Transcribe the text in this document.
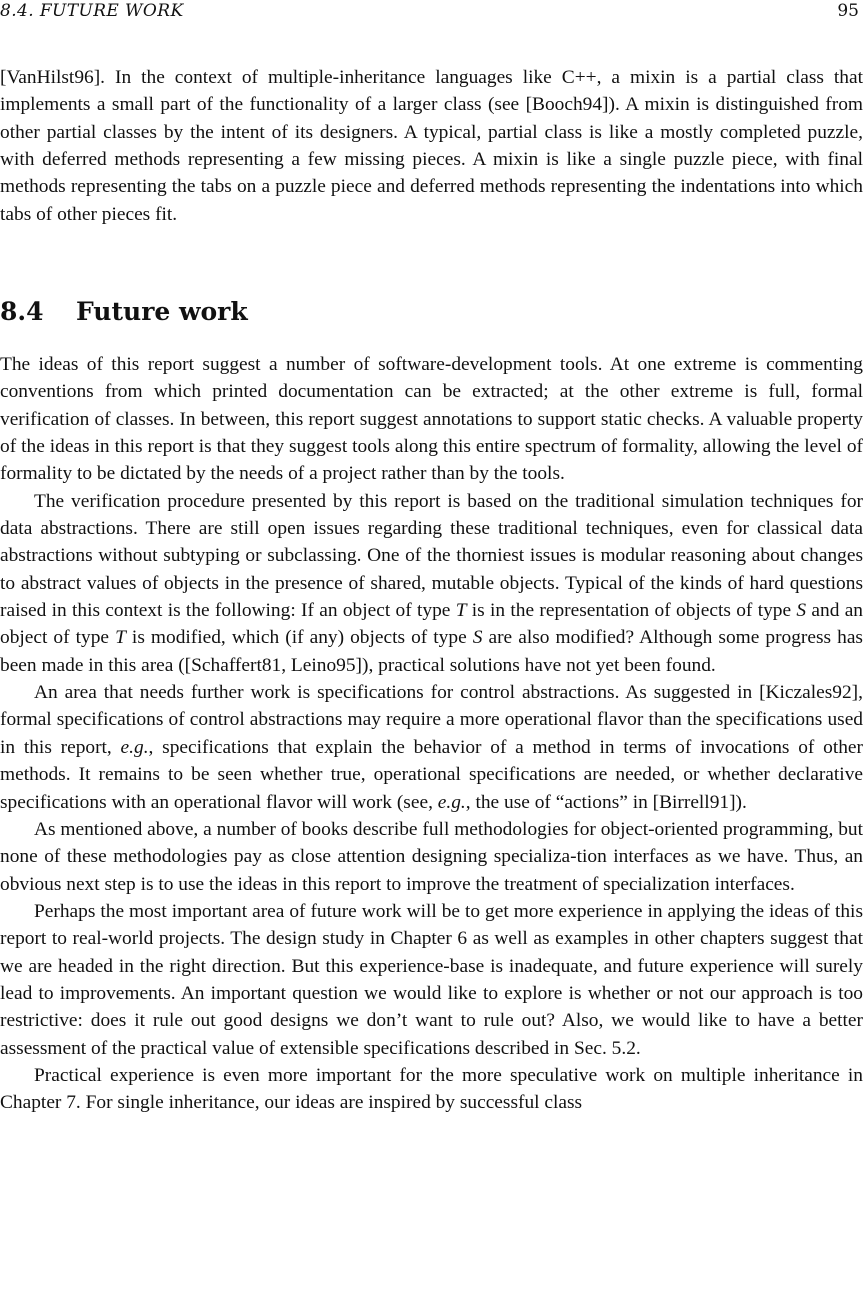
8.4. FUTURE WORK	95

[VanHilst96]. In the context of multiple-inheritance languages like C++, a mixin is a partial class that implements a small part of the functionality of a larger class (see [Booch94]). A mixin is distinguished from other partial classes by the intent of its designers. A typical, partial class is like a mostly completed puzzle, with deferred methods representing a few missing pieces. A mixin is like a single puzzle piece, with final methods representing the tabs on a puzzle piece and deferred methods representing the indentations into which tabs of other pieces fit.

8.4 Future work

The ideas of this report suggest a number of software-development tools. At one extreme is commenting conventions from which printed documentation can be extracted; at the other extreme is full, formal verification of classes. In between, this report suggest annotations to support static checks. A valuable property of the ideas in this report is that they suggest tools along this entire spectrum of formality, allowing the level of formality to be dictated by the needs of a project rather than by the tools.

The verification procedure presented by this report is based on the traditional simulation techniques for data abstractions. There are still open issues regarding these traditional techniques, even for classical data abstractions without subtyping or subclassing. One of the thorniest issues is modular reasoning about changes to abstract values of objects in the presence of shared, mutable objects. Typical of the kinds of hard questions raised in this context is the following: If an object of type T is in the representation of objects of type S and an object of type T is modified, which (if any) objects of type S are also modified? Although some progress has been made in this area ([Schaffert81, Leino95]), practical solutions have not yet been found.

An area that needs further work is specifications for control abstractions. As suggested in [Kiczales92], formal specifications of control abstractions may require a more operational flavor than the specifications used in this report, e.g., specifications that explain the behavior of a method in terms of invocations of other methods. It remains to be seen whether true, operational specifications are needed, or whether declarative specifications with an operational flavor will work (see, e.g., the use of “actions” in [Birrell91]).

As mentioned above, a number of books describe full methodologies for object-oriented programming, but none of these methodologies pay as close attention designing specializa-tion interfaces as we have. Thus, an obvious next step is to use the ideas in this report to improve the treatment of specialization interfaces.

Perhaps the most important area of future work will be to get more experience in applying the ideas of this report to real-world projects. The design study in Chapter 6 as well as examples in other chapters suggest that we are headed in the right direction. But this experience-base is inadequate, and future experience will surely lead to improvements. An important question we would like to explore is whether or not our approach is too restrictive: does it rule out good designs we don’t want to rule out? Also, we would like to have a better assessment of the practical value of extensible specifications described in Sec. 5.2.

Practical experience is even more important for the more speculative work on multiple inheritance in Chapter 7. For single inheritance, our ideas are inspired by successful class
